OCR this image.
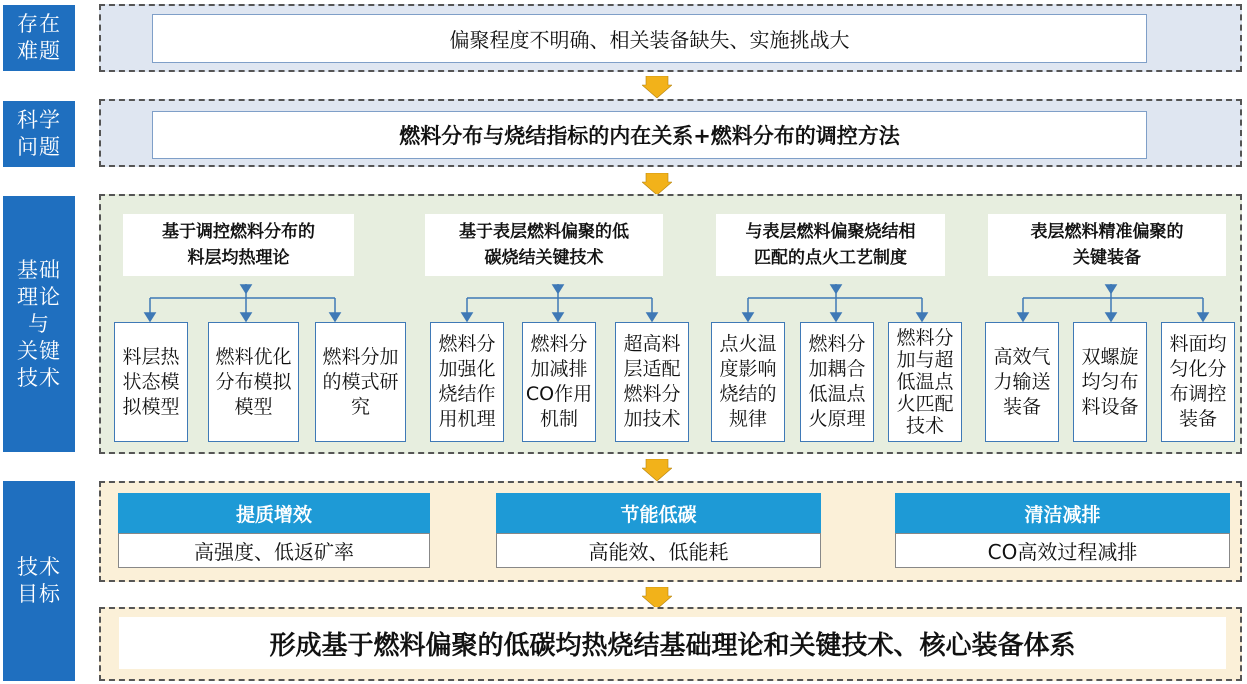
存在
难题
科学
问题
基础
理论
与
关键
技术
技术
目标
偏聚程度不明确、相关装备缺失、实施挑战大
燃料分布与烧结指标的内在关系+燃料分布的调控方法
基于调控燃料分布的
料层均热理论
基于表层燃料偏聚的低
碳烧结关键技术
与表层燃料偏聚烧结相
匹配的点火工艺制度
表层燃料精准偏聚的
关键装备
料层热
状态模
拟模型
燃料优化
分布模拟
模型
燃料分加
的模式研
究
燃料分
加强化
烧结作
用机理
燃料分
加减排
CO作用
机制
超高料
层适配
燃料分
加技术
点火温
度影响
烧结的
规律
燃料分
加耦合
低温点
火原理
燃料分
加与超
低温点
火匹配
技术
高效气
力输送
装备
双螺旋
均匀布
料设备
料面均
匀化分
布调控
装备
提质增效
高强度、低返矿率
节能低碳
高能效、低能耗
清洁减排
CO高效过程减排
形成基于燃料偏聚的低碳均热烧结基础理论和关键技术、核心装备体系
